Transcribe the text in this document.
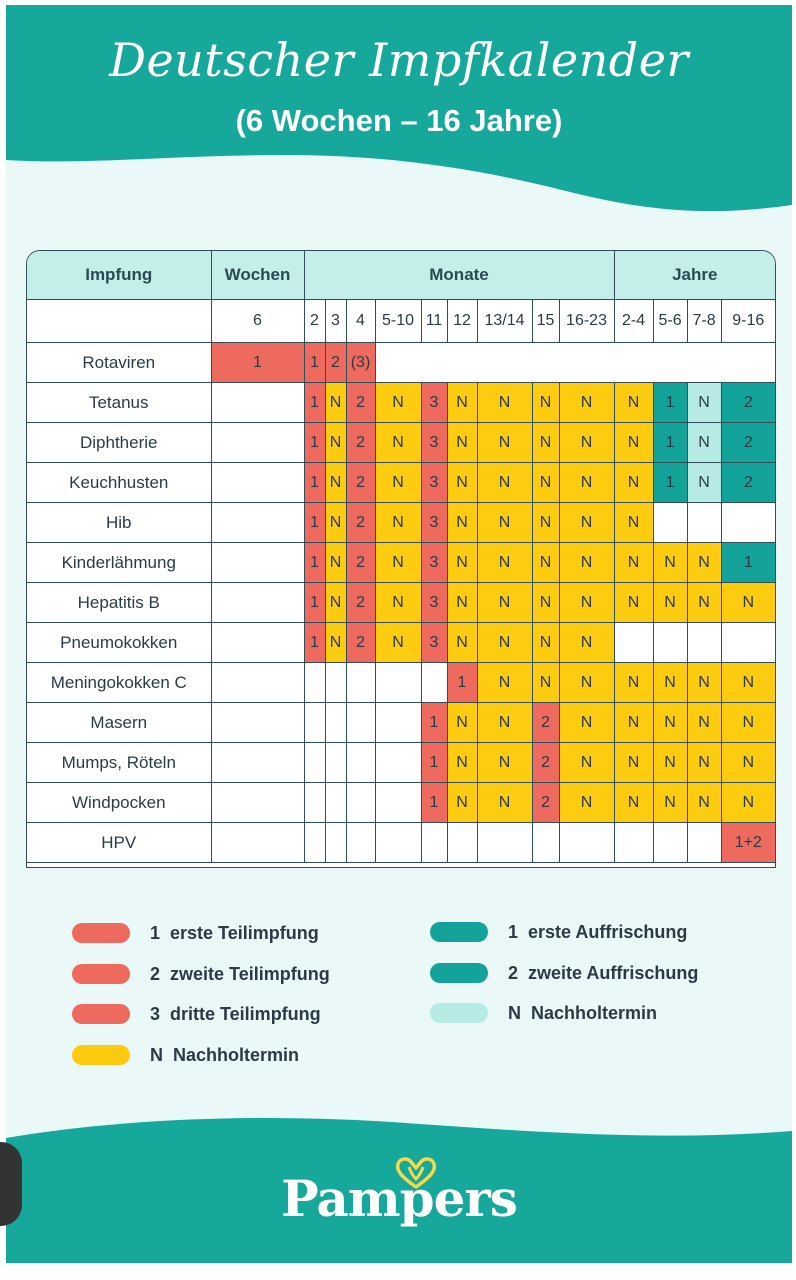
Deutscher Impfkalender
(6 Wochen – 16 Jahre)
Impfung	Wochen	Monate									Jahre			
	6	2	3	4	5-10	11	12	13/14	15	16-23	2-4	5-6	7-8	9-16
Rotaviren	1	1	2	(3)										
Tetanus		1	N	2	N	3	N	N	N	N	N	1	N	2
Diphtherie		1	N	2	N	3	N	N	N	N	N	1	N	2
Keuchhusten		1	N	2	N	3	N	N	N	N	N	1	N	2
Hib		1	N	2	N	3	N	N	N	N	N			
Kinderlähmung		1	N	2	N	3	N	N	N	N	N	N	N	1
Hepatitis B		1	N	2	N	3	N	N	N	N	N	N	N	N
Pneumokokken		1	N	2	N	3	N	N	N	N				
Meningokokken C							1	N	N	N	N	N	N	N
Masern						1	N	N	2	N	N	N	N	N
Mumps, Röteln						1	N	N	2	N	N	N	N	N
Windpocken						1	N	N	2	N	N	N	N	N
HPV														1+2
1  erste Teilimpfung
2  zweite Teilimpfung
3  dritte Teilimpfung
N  Nachholtermin
1  erste Auffrischung
2  zweite Auffrischung
N  Nachholtermin
Pampers
